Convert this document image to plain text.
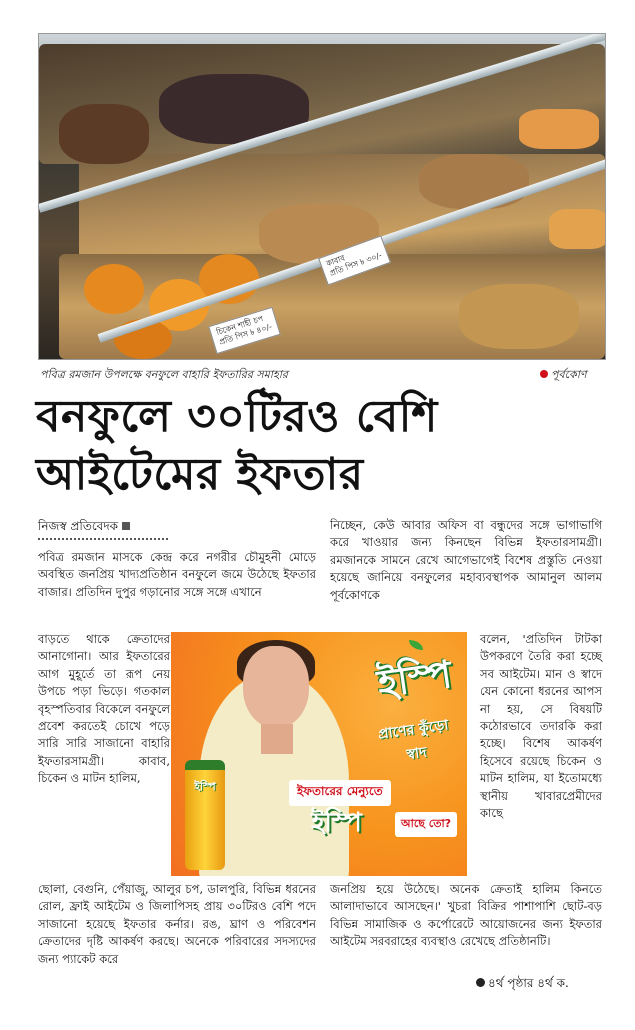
চিকেন শাহী চপ
প্রতি পিস ৳ ৪০/-
কাবাব
প্রতি পিস ৳ ৩০/-
পবিত্র রমজান উপলক্ষে বনফুলে বাহারি ইফতারির সমাহার	পূর্বকোণ
বনফুলে ৩০টিরও বেশি
আইটেমের ইফতার
নিজস্ব প্রতিবেদক

পবিত্র রমজান মাসকে কেন্দ্র করে নগরীর চৌমুহনী মোড়ে অবস্থিত জনপ্রিয় খাদ্যপ্রতিষ্ঠান বনফুলে জমে উঠেছে ইফতার বাজার। প্রতিদিন দুপুর গড়ানোর সঙ্গে সঙ্গে এখানে

বাড়তে থাকে ক্রেতাদের আনাগোনা। আর ইফতারের আগ মুহূর্তে তা রূপ নেয় উপচে পড়া ভিড়ে। গতকাল বৃহস্পতিবার বিকেলে বনফুলে প্রবেশ করতেই চোখে পড়ে সারি সারি সাজানো বাহারি ইফতারসামগ্রী। কাবাব, চিকেন ও মাটন হালিম,

ছোলা, বেগুনি, পেঁয়াজু, আলুর চপ, ডালপুরি, বিভিন্ন ধরনের রোল, ফ্রাই আইটেম ও জিলাপিসহ প্রায় ৩০টিরও বেশি পদে সাজানো হয়েছে ইফতার কর্নার। রঙ, ঘ্রাণ ও পরিবেশন ক্রেতাদের দৃষ্টি আকর্ষণ করছে। অনেকে পরিবারের সদস্যদের জন্য প্যাকেট করে

নিচ্ছেন, কেউ আবার অফিস বা বন্ধুদের সঙ্গে ভাগাভাগি করে খাওয়ার জন্য কিনছেন বিভিন্ন ইফতারসামগ্রী। রমজানকে সামনে রেখে আগেভাগেই বিশেষ প্রস্তুতি নেওয়া হয়েছে জানিয়ে বনফুলের মহাব্যবস্থাপক আমানুল আলম পূর্বকোণকে

বলেন, 'প্রতিদিন টাটকা উপকরণে তৈরি করা হচ্ছে সব আইটেম। মান ও স্বাদে যেন কোনো ধরনের আপস না হয়, সে বিষয়টি কঠোরভাবে তদারকি করা হচ্ছে। বিশেষ আকর্ষণ হিসেবে রয়েছে চিকেন ও মাটন হালিম, যা ইতোমধ্যে স্থানীয় খাবারপ্রেমীদের কাছে

জনপ্রিয় হয়ে উঠেছে। অনেক ক্রেতাই হালিম কিনতে আলাদাভাবে আসছেন।' খুচরা বিক্রির পাশাপাশি ছোট-বড় বিভিন্ন সামাজিক ও কর্পোরেটে আয়োজনের জন্য ইফতার আইটেম সরবরাহের ব্যবস্থাও রেখেছে প্রতিষ্ঠানটি।

৪র্থ পৃষ্ঠার ৪র্থ ক.
ইস্পি
ইস্পি
প্রাণের কুঁড়ো স্বাদ
ইফতারের মেন্যুতে
ইস্পি	আছে তো?
